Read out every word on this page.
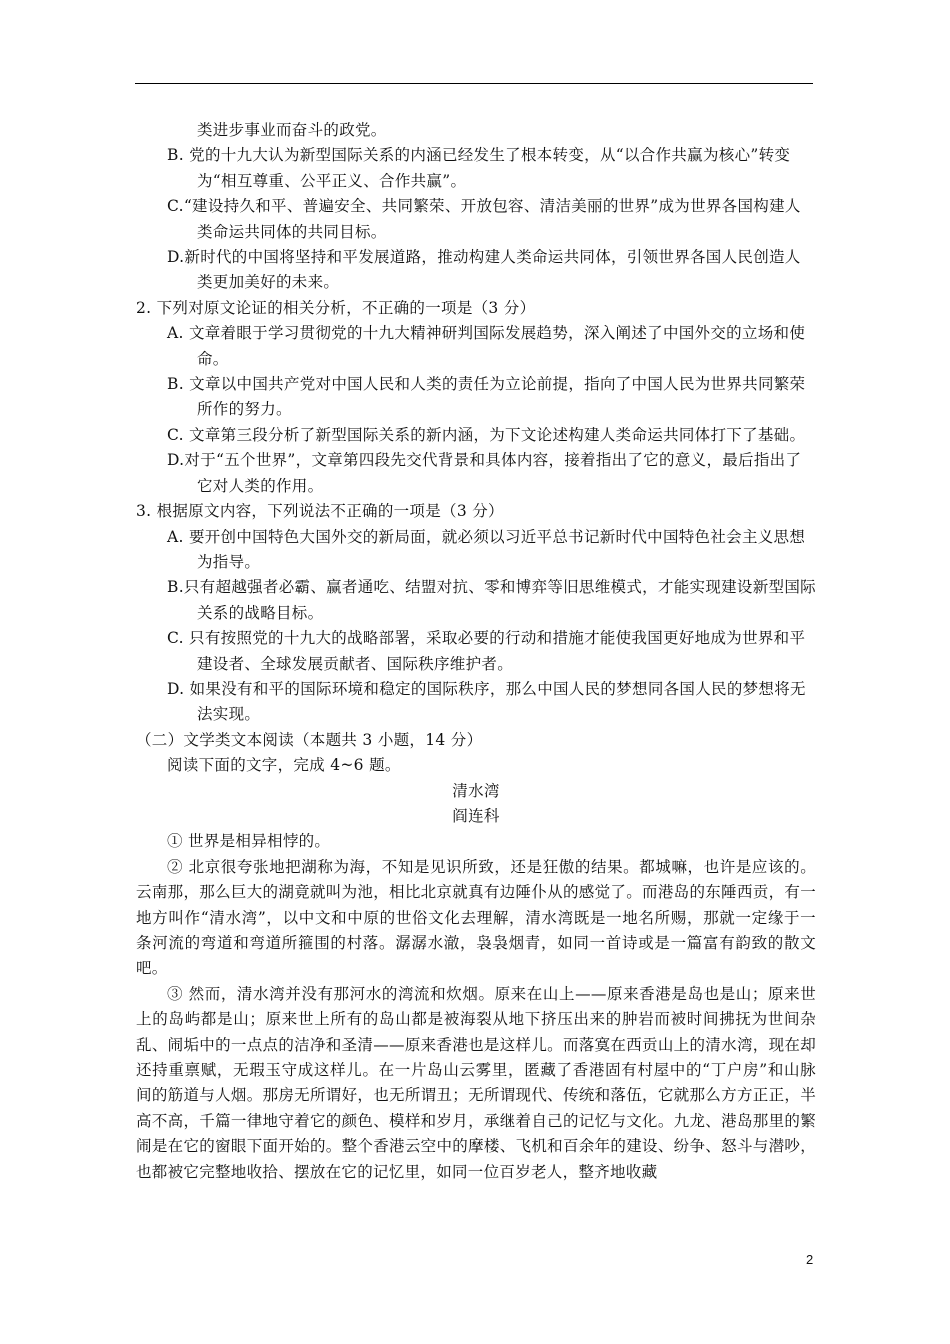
类进步事业而奋斗的政党。
B. 党的十九大认为新型国际关系的内涵已经发生了根本转变，从“以合作共赢为核心”转变为“相互尊重、公平正义、合作共赢”。
C.“建设持久和平、普遍安全、共同繁荣、开放包容、清洁美丽的世界”成为世界各国构建人类命运共同体的共同目标。
D.新时代的中国将坚持和平发展道路，推动构建人类命运共同体，引领世界各国人民创造人类更加美好的未来。
2. 下列对原文论证的相关分析，不正确的一项是（3 分）
A. 文章着眼于学习贯彻党的十九大精神研判国际发展趋势，深入阐述了中国外交的立场和使命。
B. 文章以中国共产党对中国人民和人类的责任为立论前提，指向了中国人民为世界共同繁荣所作的努力。
C. 文章第三段分析了新型国际关系的新内涵，为下文论述构建人类命运共同体打下了基础。
D.对于“五个世界”，文章第四段先交代背景和具体内容，接着指出了它的意义，最后指出了它对人类的作用。
3. 根据原文内容，下列说法不正确的一项是（3 分）
A. 要开创中国特色大国外交的新局面，就必须以习近平总书记新时代中国特色社会主义思想为指导。
B.只有超越强者必霸、赢者通吃、结盟对抗、零和博弈等旧思维模式，才能实现建设新型国际关系的战略目标。
C. 只有按照党的十九大的战略部署，采取必要的行动和措施才能使我国更好地成为世界和平建设者、全球发展贡献者、国际秩序维护者。
D. 如果没有和平的国际环境和稳定的国际秩序，那么中国人民的梦想同各国人民的梦想将无法实现。
（二）文学类文本阅读（本题共 3 小题，14 分）
阅读下面的文字，完成 4~6 题。
清水湾
阎连科
① 世界是相异相悖的。
② 北京很夸张地把湖称为海，不知是见识所致，还是狂傲的结果。都城嘛，也许是应该的。云南那，那么巨大的湖竟就叫为池，相比北京就真有边陲仆从的感觉了。而港岛的东陲西贡，有一地方叫作“清水湾”，以中文和中原的世俗文化去理解，清水湾既是一地名所赐，那就一定缘于一条河流的弯道和弯道所箍围的村落。潺潺水澈，袅袅烟青，如同一首诗或是一篇富有韵致的散文吧。
③ 然而，清水湾并没有那河水的湾流和炊烟。原来在山上——原来香港是岛也是山；原来世上的岛屿都是山；原来世上所有的岛山都是被海裂从地下挤压出来的肿岩而被时间拂抚为世间杂乱、闹垢中的一点点的洁净和圣清——原来香港也是这样儿。而落寞在西贡山上的清水湾，现在却还持重禀赋，无瑕玉守成这样儿。在一片岛山云雾里，匿藏了香港固有村屋中的“丁户房”和山脉间的筋道与人烟。那房无所谓好，也无所谓丑；无所谓现代、传统和落伍，它就那么方方正正，半高不高，千篇一律地守着它的颜色、模样和岁月，承继着自己的记忆与文化。九龙、港岛那里的繁闹是在它的窗眼下面开始的。整个香港云空中的摩楼、飞机和百余年的建设、纷争、怒斗与潜吵，也都被它完整地收拾、摆放在它的记忆里，如同一位百岁老人，整齐地收藏
2
